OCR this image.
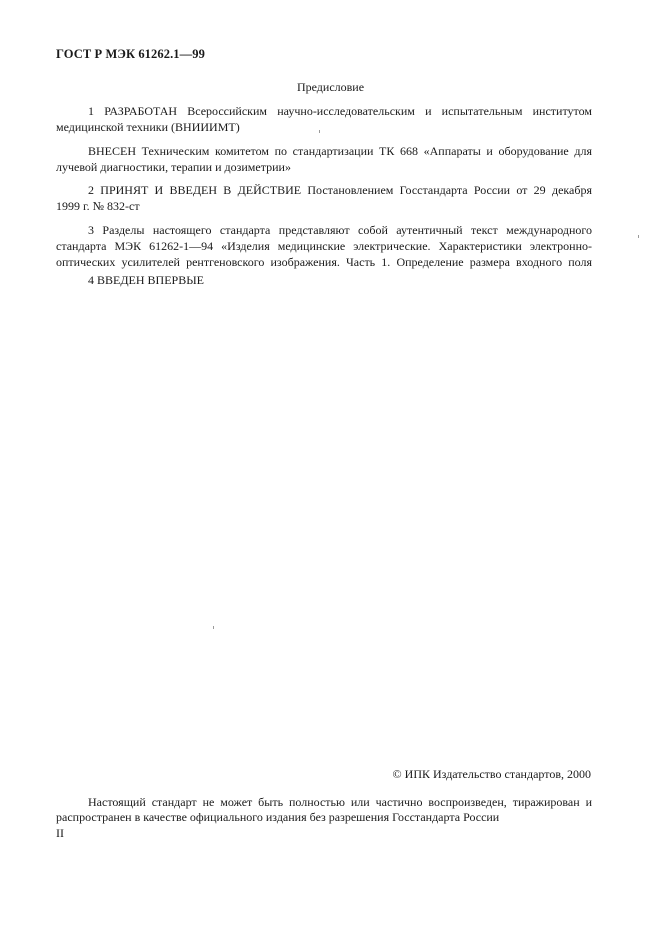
ГОСТ Р МЭК 61262.1—99
Предисловие
1 РАЗРАБОТАН Всероссийским научно-исследовательским и испытательным институтом
медицинской техники (ВНИИИМТ)
ВНЕСЕН Техническим комитетом по стандартизации ТК 668 «Аппараты и оборудование для
лучевой диагностики, терапии и дозиметрии»
2 ПРИНЯТ И ВВЕДЕН В ДЕЙСТВИЕ Постановлением Госстандарта России от 29 декабря
1999 г. № 832-ст
3 Разделы настоящего стандарта представляют собой аутентичный текст международного
стандарта МЭК 61262-1—94 «Изделия медицинские электрические. Характеристики электронно-
оптических усилителей рентгеновского изображения. Часть 1. Определение размера входного поля
4 ВВЕДЕН ВПЕРВЫЕ
© ИПК Издательство стандартов, 2000
Настоящий стандарт не может быть полностью или частично воспроизведен, тиражирован и
распространен в качестве официального издания без разрешения Госстандарта России
II
